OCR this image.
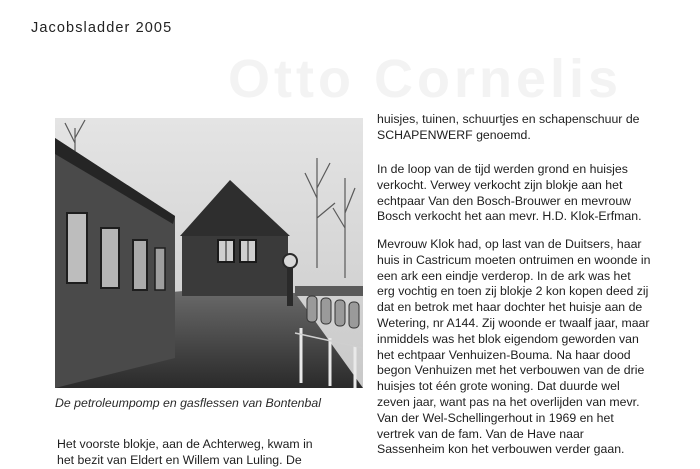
Jacobsladder 2005
Otto Cornelis
De petroleumpomp en gasflessen van Bontenbal

huisjes, tuinen, schuurtjes en schapenschuur de
SCHAPENWERF genoemd.

In de loop van de tijd werden grond en huisjes
verkocht. Verwey verkocht zijn blokje aan het
echtpaar Van den Bosch-Brouwer en mevrouw
Bosch verkocht het aan mevr. H.D. Klok-Erfman.

Mevrouw Klok had, op last van de Duitsers, haar
huis in Castricum moeten ontruimen en woonde in
een ark een eindje verderop. In de ark was het
erg vochtig en toen zij blokje 2 kon kopen deed zij
dat en betrok met haar dochter het huisje aan de
Wetering, nr A144. Zij woonde er twaalf jaar, maar
inmiddels was het blok eigendom geworden van
het echtpaar Venhuizen-Bouma. Na haar dood
begon Venhuizen met het verbouwen van de drie
huisjes tot één grote woning. Dat duurde wel
zeven jaar, want pas na het overlijden van mevr.
Van der Wel-Schellingerhout in 1969 en het
vertrek van de fam. Van de Have naar
Sassenheim kon het verbouwen verder gaan.

Het voorste blokje, aan de Achterweg, kwam in
het bezit van Eldert en Willem van Luling. De
